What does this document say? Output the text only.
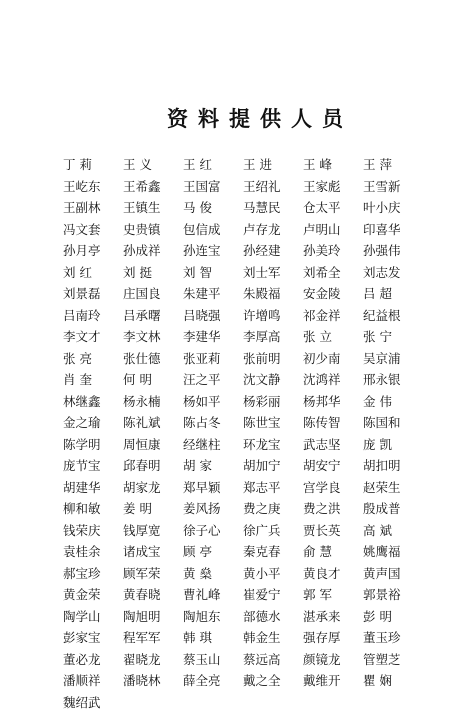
资料提供人员
丁 莉	王 义	王 红	王 进	王 峰	王 萍
王屹东	王希鑫	王国富	王绍礼	王家彪	王雪新
王副林	王镇生	马 俊	马慧民	仓太平	叶小庆
冯文套	史贵镇	包信成	卢存龙	卢明山	印喜华
孙月亭	孙成祥	孙连宝	孙经建	孙美玲	孙强伟
刘 红	刘 挺	刘 智	刘士军	刘希全	刘志发
刘景磊	庄国良	朱建平	朱殿福	安金陵	吕 超
吕南玲	吕承曙	吕晓强	许增鸣	祁金祥	纪益根
李文才	李文林	李建华	李厚高	张 立	张 宁
张 亮	张仕德	张亚莉	张前明	初少南	吴京浦
肖 奎	何 明	汪之平	沈文静	沈鸿祥	邢永银
林继鑫	杨永楠	杨如平	杨彩丽	杨邦华	金 伟
金之瑜	陈礼斌	陈占冬	陈世宝	陈传智	陈国和
陈学明	周恒康	经继柱	环龙宝	武志坚	庞 凯
庞节宝	邱春明	胡 家	胡加宁	胡安宁	胡扣明
胡建华	胡家龙	郑早颖	郑志平	宫学良	赵荣生
柳和敏	姜 明	姜风扬	费之庚	费之洪	殷成普
钱荣庆	钱厚宽	徐子心	徐广兵	贾长英	高 斌
袁桂余	诸成宝	顾 亭	秦克春	俞 慧	姚鹰福
郝宝珍	顾军荣	黄 燊	黄小平	黄良才	黄声国
黄金荣	黄春晓	曹礼峰	崔爱宁	郭 军	郭景裕
陶学山	陶旭明	陶旭东	部德水	湛承来	彭 明
彭家宝	程军军	韩 琪	韩金生	强存厚	董玉珍
董必龙	翟晓龙	蔡玉山	蔡远高	颜镜龙	管塑芝
潘顺祥	潘晓林	薛全亮	戴之全	戴维开	瞿 娴
魏绍武
